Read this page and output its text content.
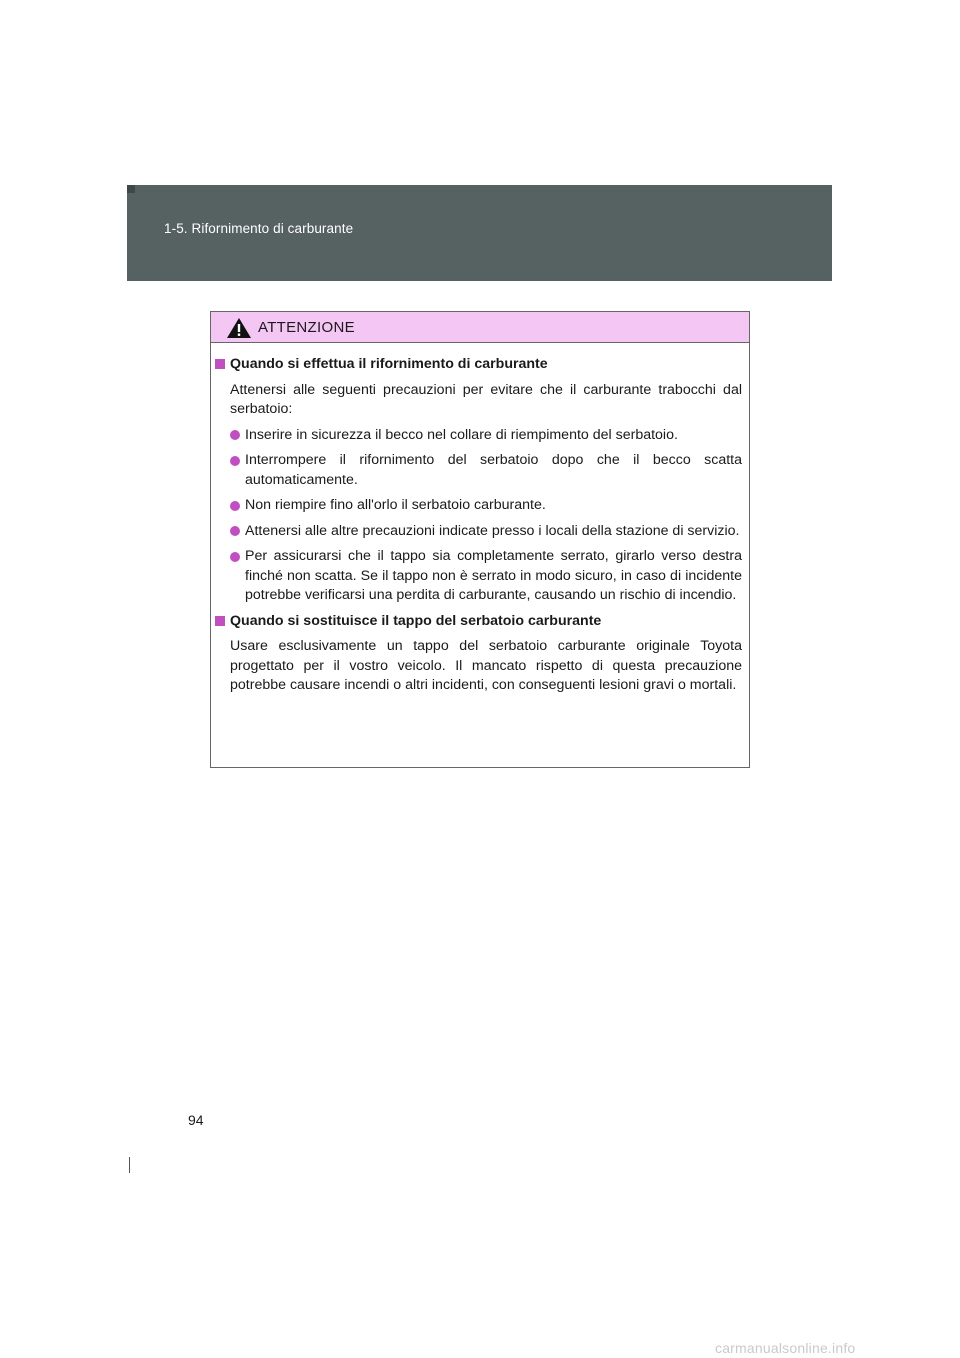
1-5. Rifornimento di carburante
ATTENZIONE
Quando si effettua il rifornimento di carburante
Attenersi alle seguenti precauzioni per evitare che il carburante trabocchi dal serbatoio:
Inserire in sicurezza il becco nel collare di riempimento del serbatoio.
Interrompere il rifornimento del serbatoio dopo che il becco scatta automaticamente.
Non riempire fino all'orlo il serbatoio carburante.
Attenersi alle altre precauzioni indicate presso i locali della stazione di servizio.
Per assicurarsi che il tappo sia completamente serrato, girarlo verso destra finché non scatta. Se il tappo non è serrato in modo sicuro, in caso di incidente potrebbe verificarsi una perdita di carburante, causando un rischio di incendio.
Quando si sostituisce il tappo del serbatoio carburante
Usare esclusivamente un tappo del serbatoio carburante originale Toyota progettato per il vostro veicolo. Il mancato rispetto di questa precauzione potrebbe causare incendi o altri incidenti, con conseguenti lesioni gravi o mortali.
94
carmanualsonline.info
